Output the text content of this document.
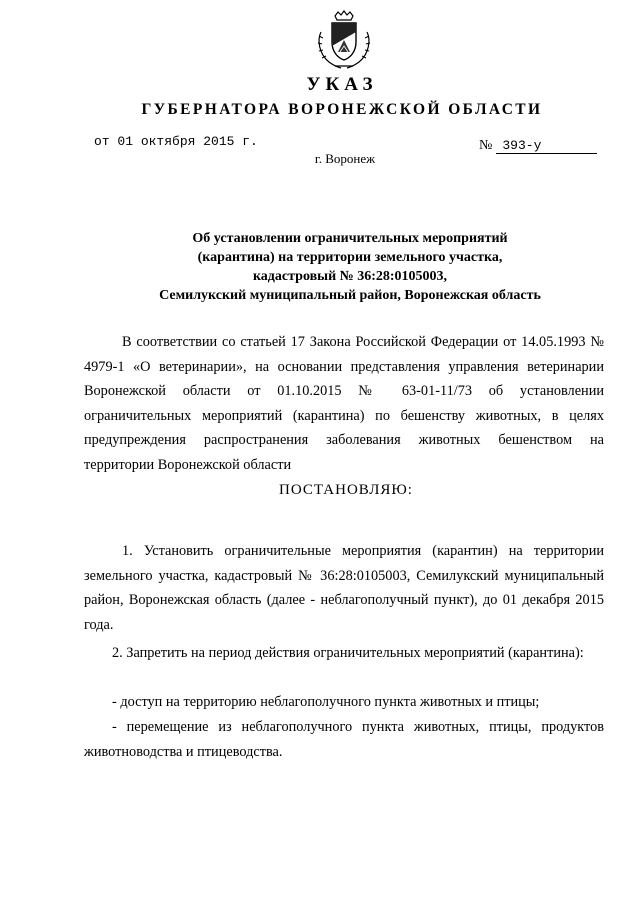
УКАЗ
ГУБЕРНАТОРА ВОРОНЕЖСКОЙ ОБЛАСТИ
от 01 октября 2015 г.	№ 393-у
г. Воронеж
Об установлении ограничительных мероприятий
(карантина) на территории земельного участка,
кадастровый № 36:28:0105003,
Семилукский муниципальный район, Воронежская область
В соответствии со статьей 17 Закона Российской Федерации от 14.05.1993 № 4979-1 «О ветеринарии», на основании представления управления ветеринарии Воронежской области от 01.10.2015 № 63-01-11/73 об установлении ограничительных мероприятий (карантина) по бешенству животных, в целях предупреждения распространения заболевания животных бешенством на территории Воронежской области
ПОСТАНОВЛЯЮ:
1. Установить ограничительные мероприятия (карантин) на территории земельного участка, кадастровый № 36:28:0105003, Семилукский муниципальный район, Воронежская область (далее - неблагополучный пункт), до 01 декабря 2015 года.
2. Запретить на период действия ограничительных мероприятий (карантина):
- доступ на территорию неблагополучного пункта животных и птицы;
- перемещение из неблагополучного пункта животных, птицы, продуктов животноводства и птицеводства.
